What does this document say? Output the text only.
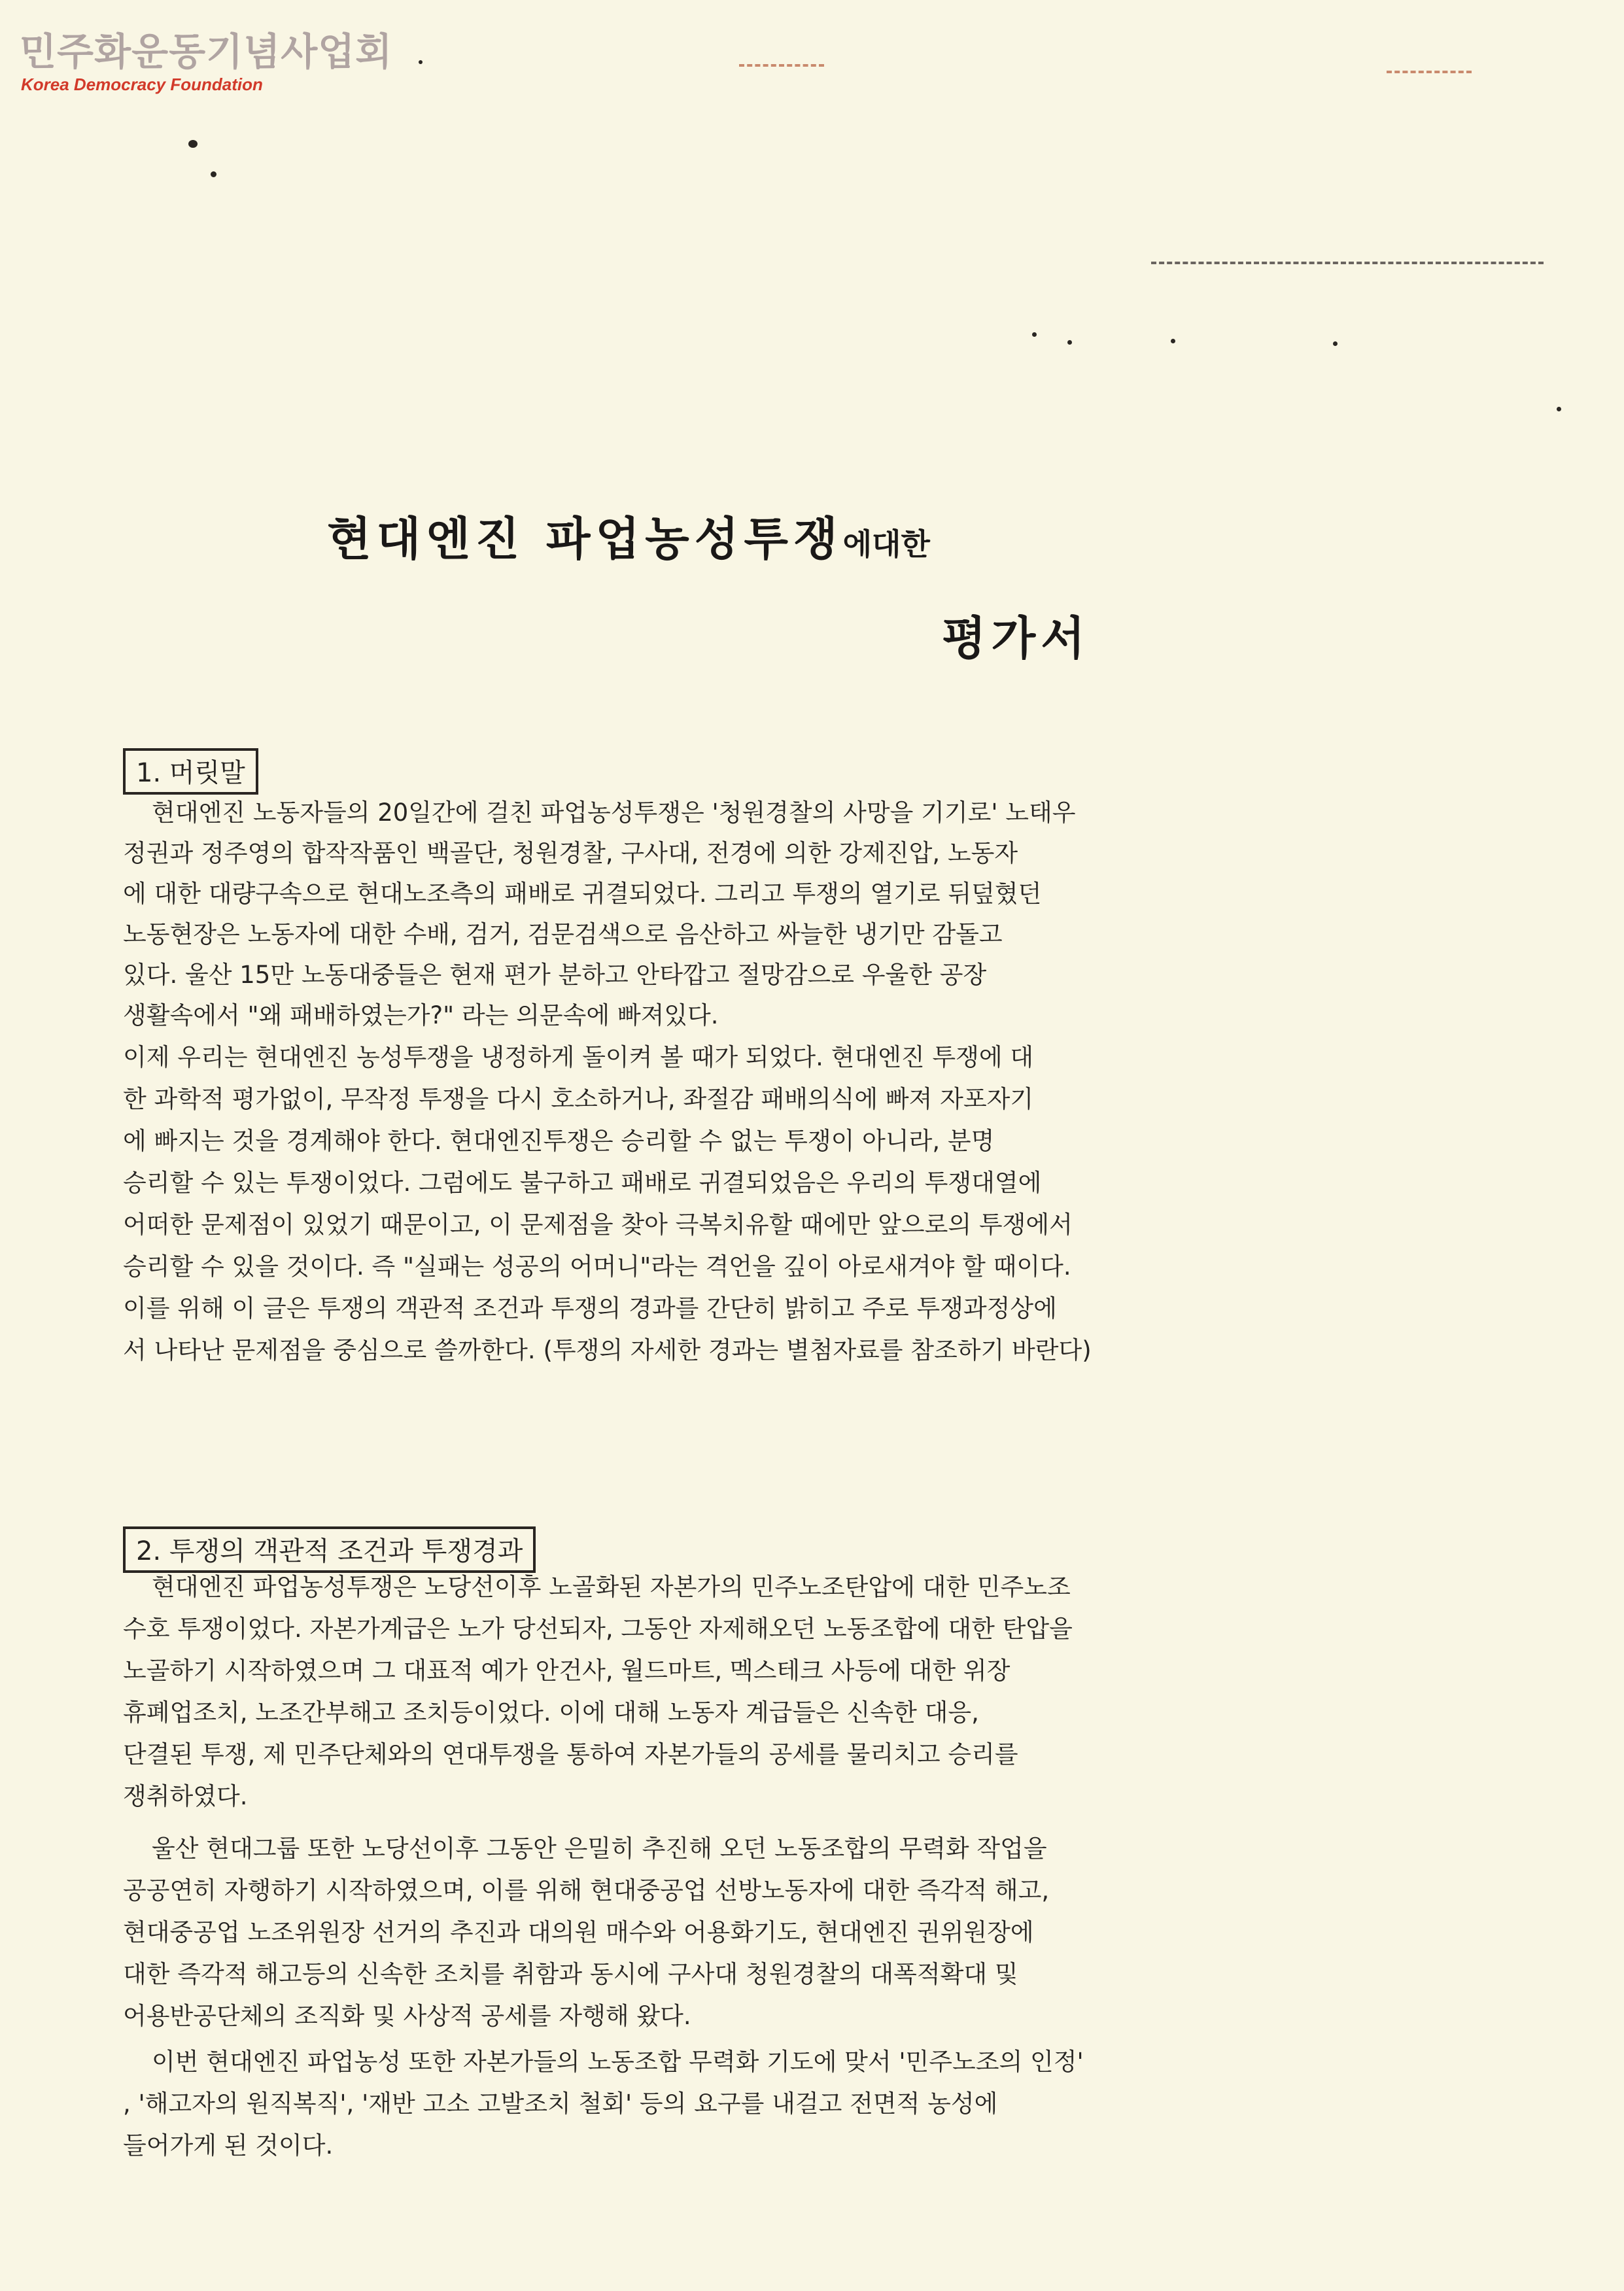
민주화운동기념사업회
Korea Democracy Foundation
현대엔진 파업농성투쟁에대한
평가서
1. 머릿말
현대엔진 노동자들의 20일간에 걸친 파업농성투쟁은 '청원경찰의 사망을 기기로' 노태우
정권과 정주영의 합작작품인 백골단, 청원경찰, 구사대, 전경에 의한 강제진압, 노동자
에 대한 대량구속으로 현대노조측의 패배로 귀결되었다. 그리고 투쟁의 열기로 뒤덮혔던
노동현장은 노동자에 대한 수배, 검거, 검문검색으로 음산하고 싸늘한 냉기만 감돌고
있다. 울산 15만 노동대중들은 현재 편가 분하고 안타깝고 절망감으로 우울한 공장
생활속에서 "왜 패배하였는가?" 라는 의문속에 빠져있다.
이제 우리는 현대엔진 농성투쟁을 냉정하게 돌이켜 볼 때가 되었다. 현대엔진 투쟁에 대
한 과학적 평가없이, 무작정 투쟁을 다시 호소하거나, 좌절감 패배의식에 빠져 자포자기
에 빠지는 것을 경계해야 한다. 현대엔진투쟁은 승리할 수 없는 투쟁이 아니라, 분명
승리할 수 있는 투쟁이었다. 그럼에도 불구하고 패배로 귀결되었음은 우리의 투쟁대열에
어떠한 문제점이 있었기 때문이고, 이 문제점을 찾아 극복치유할 때에만 앞으로의 투쟁에서
승리할 수 있을 것이다. 즉 "실패는 성공의 어머니"라는 격언을 깊이 아로새겨야 할 때이다.
이를 위해 이 글은 투쟁의 객관적 조건과 투쟁의 경과를 간단히 밝히고 주로 투쟁과정상에
서 나타난 문제점을 중심으로 쓸까한다. (투쟁의 자세한 경과는 별첨자료를 참조하기 바란다)
2. 투쟁의 객관적 조건과 투쟁경과
현대엔진 파업농성투쟁은 노당선이후 노골화된 자본가의 민주노조탄압에 대한 민주노조
수호 투쟁이었다. 자본가계급은 노가 당선되자, 그동안 자제해오던 노동조합에 대한 탄압을
노골하기 시작하였으며 그 대표적 예가 안건사, 월드마트, 멕스테크 사등에 대한 위장
휴폐업조치, 노조간부해고 조치등이었다. 이에 대해 노동자 계급들은 신속한 대응,
단결된 투쟁, 제 민주단체와의 연대투쟁을 통하여 자본가들의 공세를 물리치고 승리를
쟁취하였다.
울산 현대그룹 또한 노당선이후 그동안 은밀히 추진해 오던 노동조합의 무력화 작업을
공공연히 자행하기 시작하였으며, 이를 위해 현대중공업 선방노동자에 대한 즉각적 해고,
현대중공업 노조위원장 선거의 추진과 대의원 매수와 어용화기도, 현대엔진 권위원장에
대한 즉각적 해고등의 신속한 조치를 취함과 동시에 구사대 청원경찰의 대폭적확대 및
어용반공단체의 조직화 및 사상적 공세를 자행해 왔다.
이번 현대엔진 파업농성 또한 자본가들의 노동조합 무력화 기도에 맞서 '민주노조의 인정'
, '해고자의 원직복직', '재반 고소 고발조치 철회' 등의 요구를 내걸고 전면적 농성에
들어가게 된 것이다.
